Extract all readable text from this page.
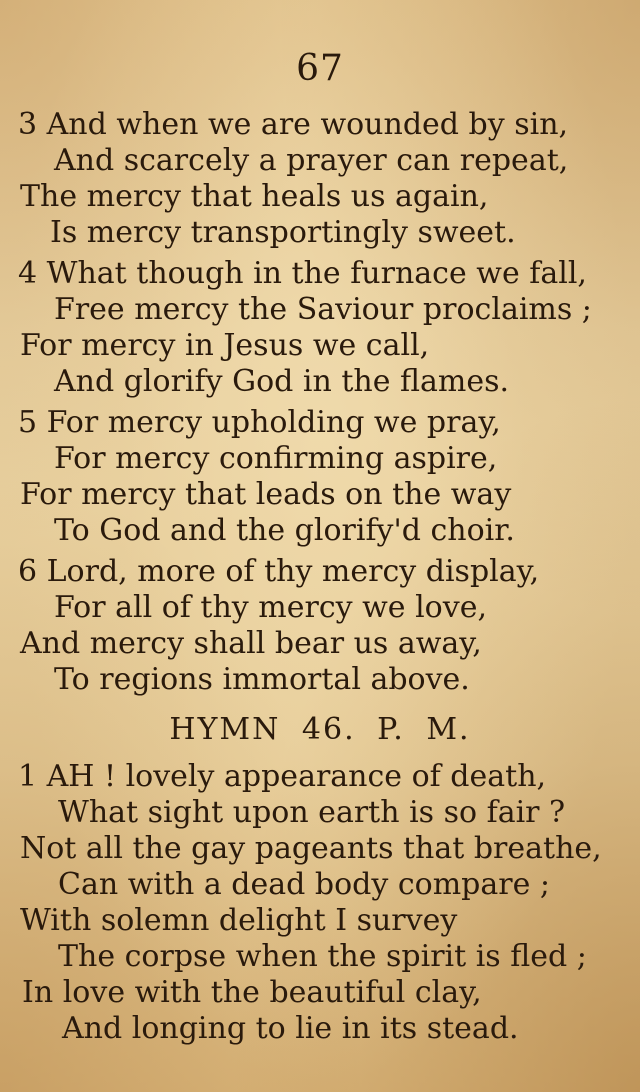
67
3 And when we are wounded by sin,
And scarcely a prayer can repeat,
The mercy that heals us again,
Is mercy transportingly sweet.
4 What though in the furnace we fall,
Free mercy the Saviour proclaims ;
For mercy in Jesus we call,
And glorify God in the flames.
5 For mercy upholding we pray,
For mercy confirming aspire,
For mercy that leads on the way
To God and the glorify'd choir.
6 Lord, more of thy mercy display,
For all of thy mercy we love,
And mercy shall bear us away,
To regions immortal above.
HYMN 46. P. M.
1 AH ! lovely appearance of death,
What sight upon earth is so fair ?
Not all the gay pageants that breathe,
Can with a dead body compare ;
With solemn delight I survey
The corpse when the spirit is fled ;
In love with the beautiful clay,
And longing to lie in its stead.
